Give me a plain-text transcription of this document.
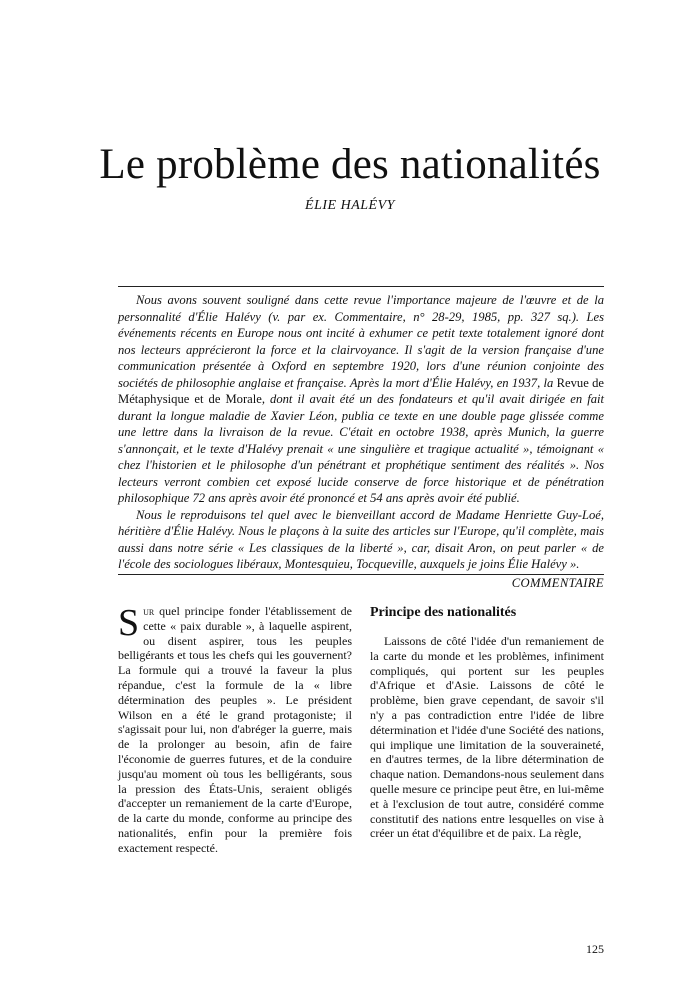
Le problème des nationalités
ÉLIE HALÉVY

Nous avons souvent souligné dans cette revue l'importance majeure de l'œuvre et de la personnalité d'Élie Halévy (v. par ex. Commentaire, n° 28-29, 1985, pp. 327 sq.). Les événements récents en Europe nous ont incité à exhumer ce petit texte totalement ignoré dont nos lecteurs apprécieront la force et la clairvoyance. Il s'agit de la version française d'une communication présentée à Oxford en septembre 1920, lors d'une réunion conjointe des sociétés de philosophie anglaise et française. Après la mort d'Élie Halévy, en 1937, la Revue de Métaphysique et de Morale, dont il avait été un des fondateurs et qu'il avait dirigée en fait durant la longue maladie de Xavier Léon, publia ce texte en une double page glissée comme une lettre dans la livraison de la revue. C'était en octobre 1938, après Munich, la guerre s'annonçait, et le texte d'Halévy prenait « une singulière et tragique actualité », témoignant « chez l'historien et le philosophe d'un pénétrant et prophétique sentiment des réalités ». Nos lecteurs verront combien cet exposé lucide conserve de force historique et de pénétration philosophique 72 ans après avoir été prononcé et 54 ans après avoir été publié.

Nous le reproduisons tel quel avec le bienveillant accord de Madame Henriette Guy-Loé, héritière d'Élie Halévy. Nous le plaçons à la suite des articles sur l'Europe, qu'il complète, mais aussi dans notre série « Les classiques de la liberté », car, disait Aron, on peut parler « de l'école des sociologues libéraux, Montesquieu, Tocqueville, auxquels je joins Élie Halévy ».

COMMENTAIRE

Sur quel principe fonder l'établissement de cette « paix durable », à laquelle aspirent, ou disent aspirer, tous les peuples belligérants et tous les chefs qui les gouvernent? La formule qui a trouvé la faveur la plus répandue, c'est la formule de la « libre détermination des peuples ». Le président Wilson en a été le grand protagoniste; il s'agissait pour lui, non d'abréger la guerre, mais de la prolonger au besoin, afin de faire l'économie de guerres futures, et de la conduire jusqu'au moment où tous les belligérants, sous la pression des États-Unis, seraient obligés d'accepter un remaniement de la carte d'Europe, de la carte du monde, conforme au principe des nationalités, enfin pour la première fois exactement respecté.

Principe des nationalités

Laissons de côté l'idée d'un remaniement de la carte du monde et les problèmes, infiniment compliqués, qui portent sur les peuples d'Afrique et d'Asie. Laissons de côté le problème, bien grave cependant, de savoir s'il n'y a pas contradiction entre l'idée de libre détermination et l'idée d'une Société des nations, qui implique une limitation de la souveraineté, en d'autres termes, de la libre détermination de chaque nation. Demandons-nous seulement dans quelle mesure ce principe peut être, en lui-même et à l'exclusion de tout autre, considéré comme constitutif des nations entre lesquelles on vise à créer un état d'équilibre et de paix. La règle,

125
